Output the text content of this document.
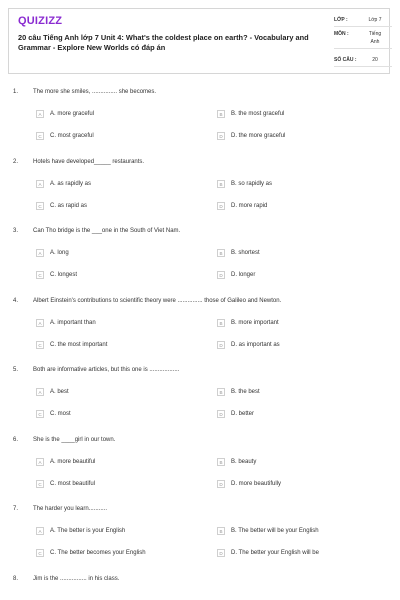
QUIZIZZ
20 câu Tiếng Anh lớp 7 Unit 4: What's the coldest place on earth? - Vocabulary and Grammar - Explore New Worlds có đáp án
LỚP :	Lớp 7
MÔN :	Tiếng
Anh
SỐ CÂU :	20
1. The more she smiles, ............... she becomes.
A	A. more graceful	B	B. the most graceful
C	C. most graceful	D	D. the more graceful
2. Hotels have developed_____ restaurants.
A	A. as rapidly as	B	B. so rapidly as
C	C. as rapid as	D	D. more rapid
3. Can Tho bridge is the ___one in the South of Viet Nam.
A	A. long	B	B. shortest
C	C. longest	D	D. longer
4. Albert Einstein's contributions to scientific theory were ............... those of Galileo and Newton.
A	A. important than	B	B. more important
C	C. the most important	D	D. as important as
5. Both are informative articles, but this one is ..................
A	A. best	B	B. the best
C	C. most	D	D. better
6. She is the ____girl in our town.
A	A. more beautiful	B	B. beauty
C	C. most beautiful	D	D. more beautifully
7. The harder you learn...........
A	A. The better is your English	B	B. The better will be your English
C	C. The better becomes your English	D	D. The better your English will be
8. Jim is the ................ in his class.
